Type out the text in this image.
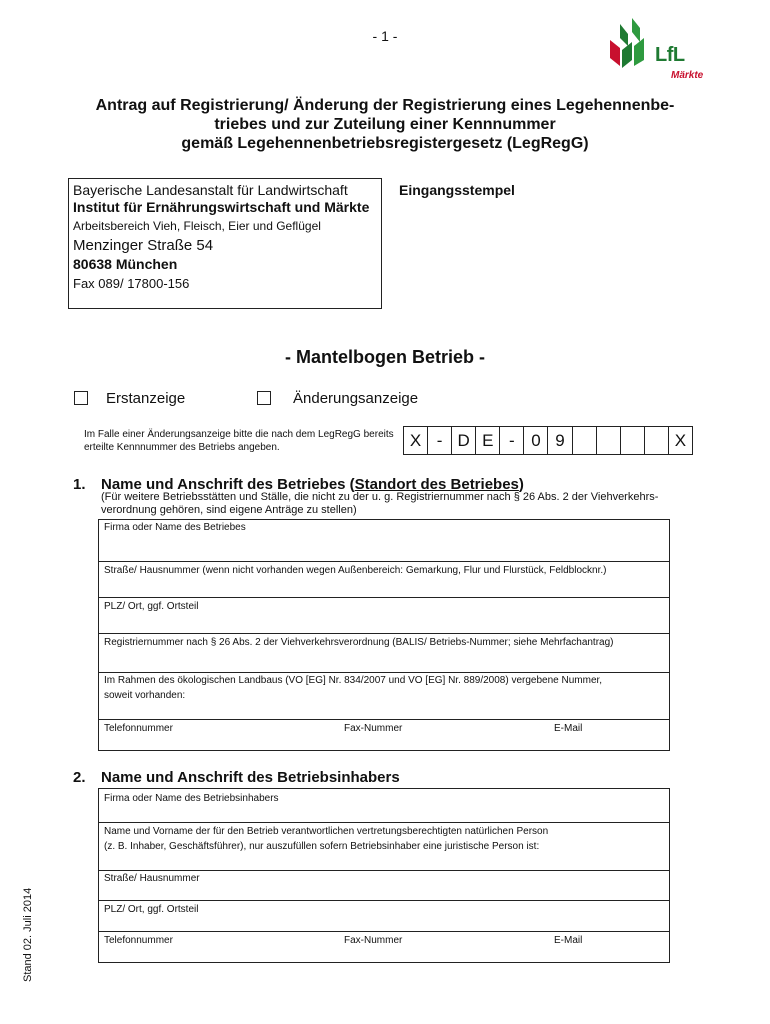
- 1 -
LfL
Märkte
Antrag auf Registrierung/ Änderung der Registrierung eines Legehennenbe-
triebes und zur Zuteilung einer Kennnummer
gemäß Legehennenbetriebsregistergesetz (LegRegG)
Bayerische Landesanstalt für Landwirtschaft
Institut für Ernährungswirtschaft und Märkte
Arbeitsbereich Vieh, Fleisch, Eier und Geflügel
Menzinger Straße 54
80638 München
Fax 089/ 17800-156
Eingangsstempel
- Mantelbogen Betrieb -
Erstanzeige	Änderungsanzeige
Im Falle einer Änderungsanzeige bitte die nach dem LegRegG bereits erteilte Kennnummer des Betriebs angeben.	X - D E - 0 9	X
1. Name und Anschrift des Betriebes (Standort des Betriebes)
(Für weitere Betriebsstätten und Ställe, die nicht zu der u. g. Registriernummer nach § 26 Abs. 2 der Viehverkehrs-verordnung gehören, sind eigene Anträge zu stellen)
Firma oder Name des Betriebes
Straße/ Hausnummer (wenn nicht vorhanden wegen Außenbereich: Gemarkung, Flur und Flurstück, Feldblocknr.)
PLZ/ Ort, ggf. Ortsteil
Registriernummer nach § 26 Abs. 2 der Viehverkehrsverordnung (BALIS/ Betriebs-Nummer; siehe Mehrfachantrag)
Im Rahmen des ökologischen Landbaus (VO [EG] Nr. 834/2007 und VO [EG] Nr. 889/2008) vergebene Nummer,
soweit vorhanden:
Telefonnummer	Fax-Nummer	E-Mail
2. Name und Anschrift des Betriebsinhabers
Firma oder Name des Betriebsinhabers
Name und Vorname der für den Betrieb verantwortlichen vertretungsberechtigten natürlichen Person
(z. B. Inhaber, Geschäftsführer), nur auszufüllen sofern Betriebsinhaber eine juristische Person ist:
Straße/ Hausnummer
PLZ/ Ort, ggf. Ortsteil
Telefonnummer	Fax-Nummer	E-Mail
Stand 02. Juli 2014
